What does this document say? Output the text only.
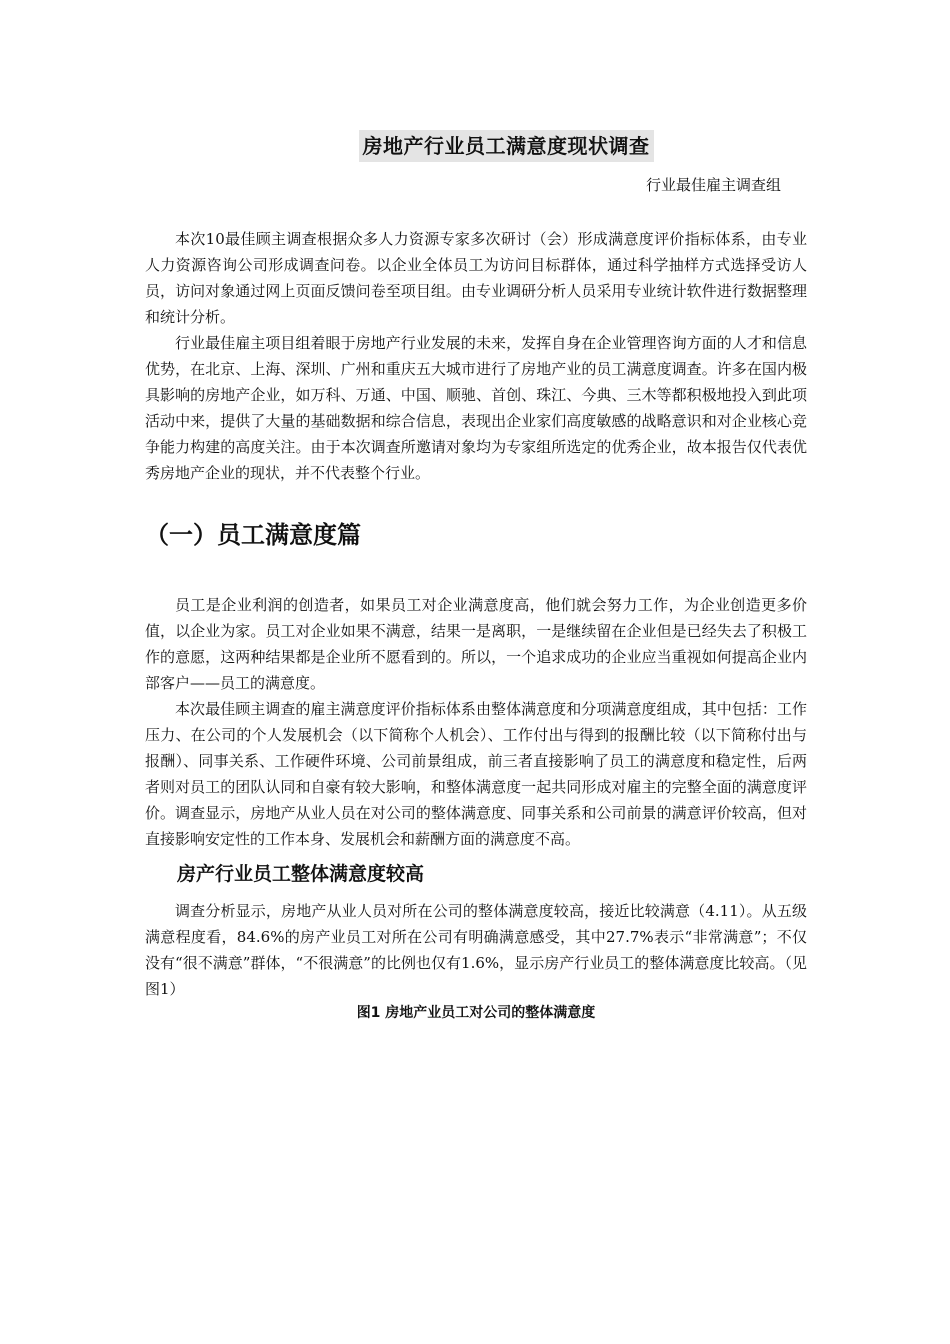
房地产行业员工满意度现状调查
行业最佳雇主调查组

本次10最佳顾主调查根据众多人力资源专家多次研讨（会）形成满意度评价指标体系，由专业人力资源咨询公司形成调查问卷。以企业全体员工为访问目标群体，通过科学抽样方式选择受访人员，访问对象通过网上页面反馈问卷至项目组。由专业调研分析人员采用专业统计软件进行数据整理和统计分析。

行业最佳雇主项目组着眼于房地产行业发展的未来，发挥自身在企业管理咨询方面的人才和信息优势，在北京、上海、深圳、广州和重庆五大城市进行了房地产业的员工满意度调查。许多在国内极具影响的房地产企业，如万科、万通、中国、顺驰、首创、珠江、今典、三木等都积极地投入到此项活动中来，提供了大量的基础数据和综合信息，表现出企业家们高度敏感的战略意识和对企业核心竞争能力构建的高度关注。由于本次调查所邀请对象均为专家组所选定的优秀企业，故本报告仅代表优秀房地产企业的现状，并不代表整个行业。

（一）员工满意度篇

员工是企业利润的创造者，如果员工对企业满意度高，他们就会努力工作，为企业创造更多价值，以企业为家。员工对企业如果不满意，结果一是离职，一是继续留在企业但是已经失去了积极工作的意愿，这两种结果都是企业所不愿看到的。所以，一个追求成功的企业应当重视如何提高企业内部客户——员工的满意度。

本次最佳顾主调查的雇主满意度评价指标体系由整体满意度和分项满意度组成，其中包括：工作压力、在公司的个人发展机会（以下简称个人机会）、工作付出与得到的报酬比较（以下简称付出与报酬）、同事关系、工作硬件环境、公司前景组成，前三者直接影响了员工的满意度和稳定性，后两者则对员工的团队认同和自豪有较大影响，和整体满意度一起共同形成对雇主的完整全面的满意度评价。调查显示，房地产从业人员在对公司的整体满意度、同事关系和公司前景的满意评价较高，但对直接影响安定性的工作本身、发展机会和薪酬方面的满意度不高。

房产行业员工整体满意度较高

调查分析显示，房地产从业人员对所在公司的整体满意度较高，接近比较满意（4.11）。从五级满意程度看，84.6%的房产业员工对所在公司有明确满意感受，其中27.7%表示“非常满意”；不仅没有“很不满意”群体，“不很满意”的比例也仅有1.6%，显示房产行业员工的整体满意度比较高。（见图1）

图1 房地产业员工对公司的整体满意度
